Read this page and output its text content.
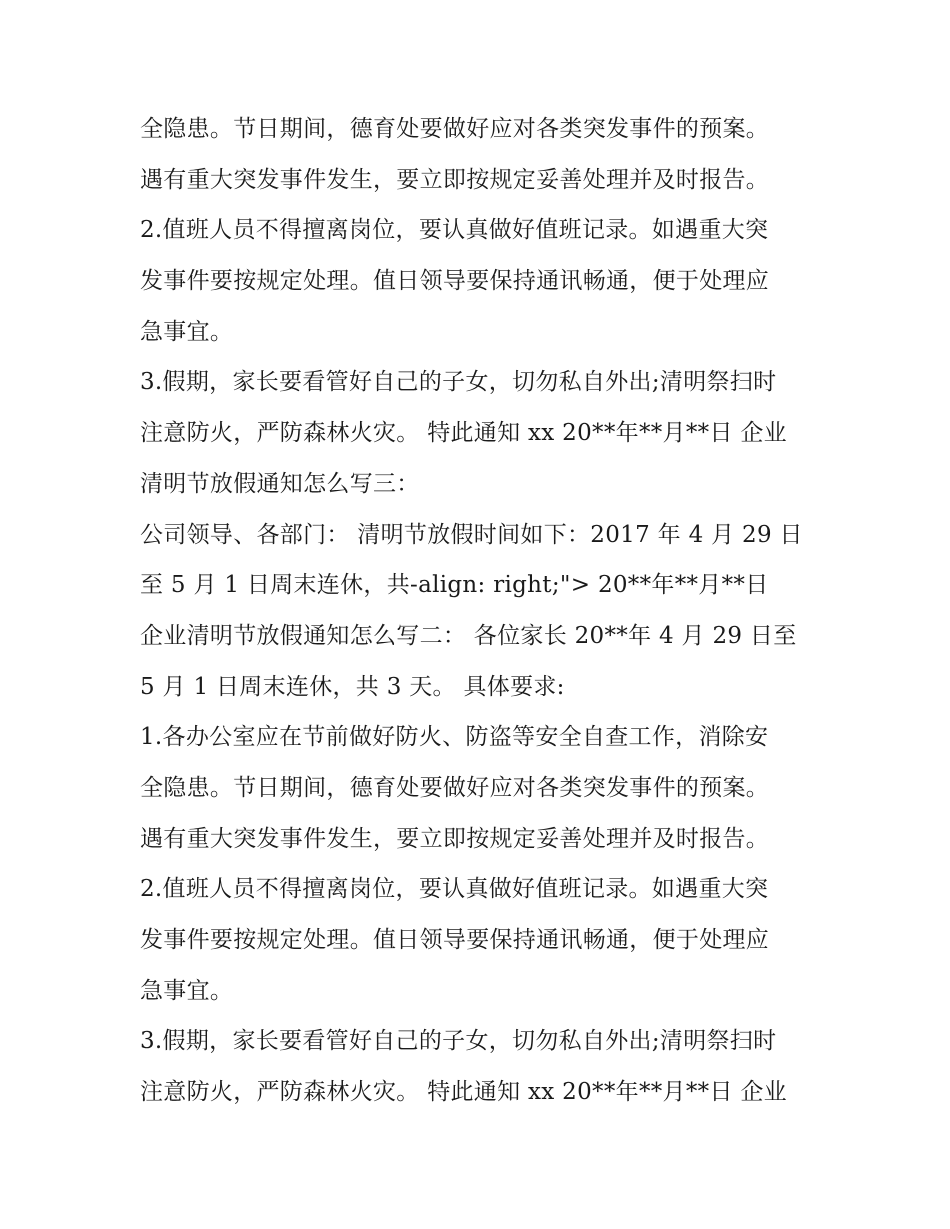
全隐患。节日期间，德育处要做好应对各类突发事件的预案。
遇有重大突发事件发生，要立即按规定妥善处理并及时报告。
2.值班人员不得擅离岗位，要认真做好值班记录。如遇重大突
发事件要按规定处理。值日领导要保持通讯畅通，便于处理应
急事宜。
3.假期，家长要看管好自己的子女，切勿私自外出;清明祭扫时
注意防火，严防森林火灾。 特此通知 xx 20**年**月**日 企业
清明节放假通知怎么写三：
公司领导、各部门： 清明节放假时间如下：2017 年 4 月 29 日
至 5 月 1 日周末连休，共-align: right;"> 20**年**月**日
企业清明节放假通知怎么写二： 各位家长 20**年 4 月 29 日至
5 月 1 日周末连休，共 3 天。 具体要求:
1.各办公室应在节前做好防火、防盗等安全自查工作，消除安
全隐患。节日期间，德育处要做好应对各类突发事件的预案。
遇有重大突发事件发生，要立即按规定妥善处理并及时报告。
2.值班人员不得擅离岗位，要认真做好值班记录。如遇重大突
发事件要按规定处理。值日领导要保持通讯畅通，便于处理应
急事宜。
3.假期，家长要看管好自己的子女，切勿私自外出;清明祭扫时
注意防火，严防森林火灾。 特此通知 xx 20**年**月**日 企业
